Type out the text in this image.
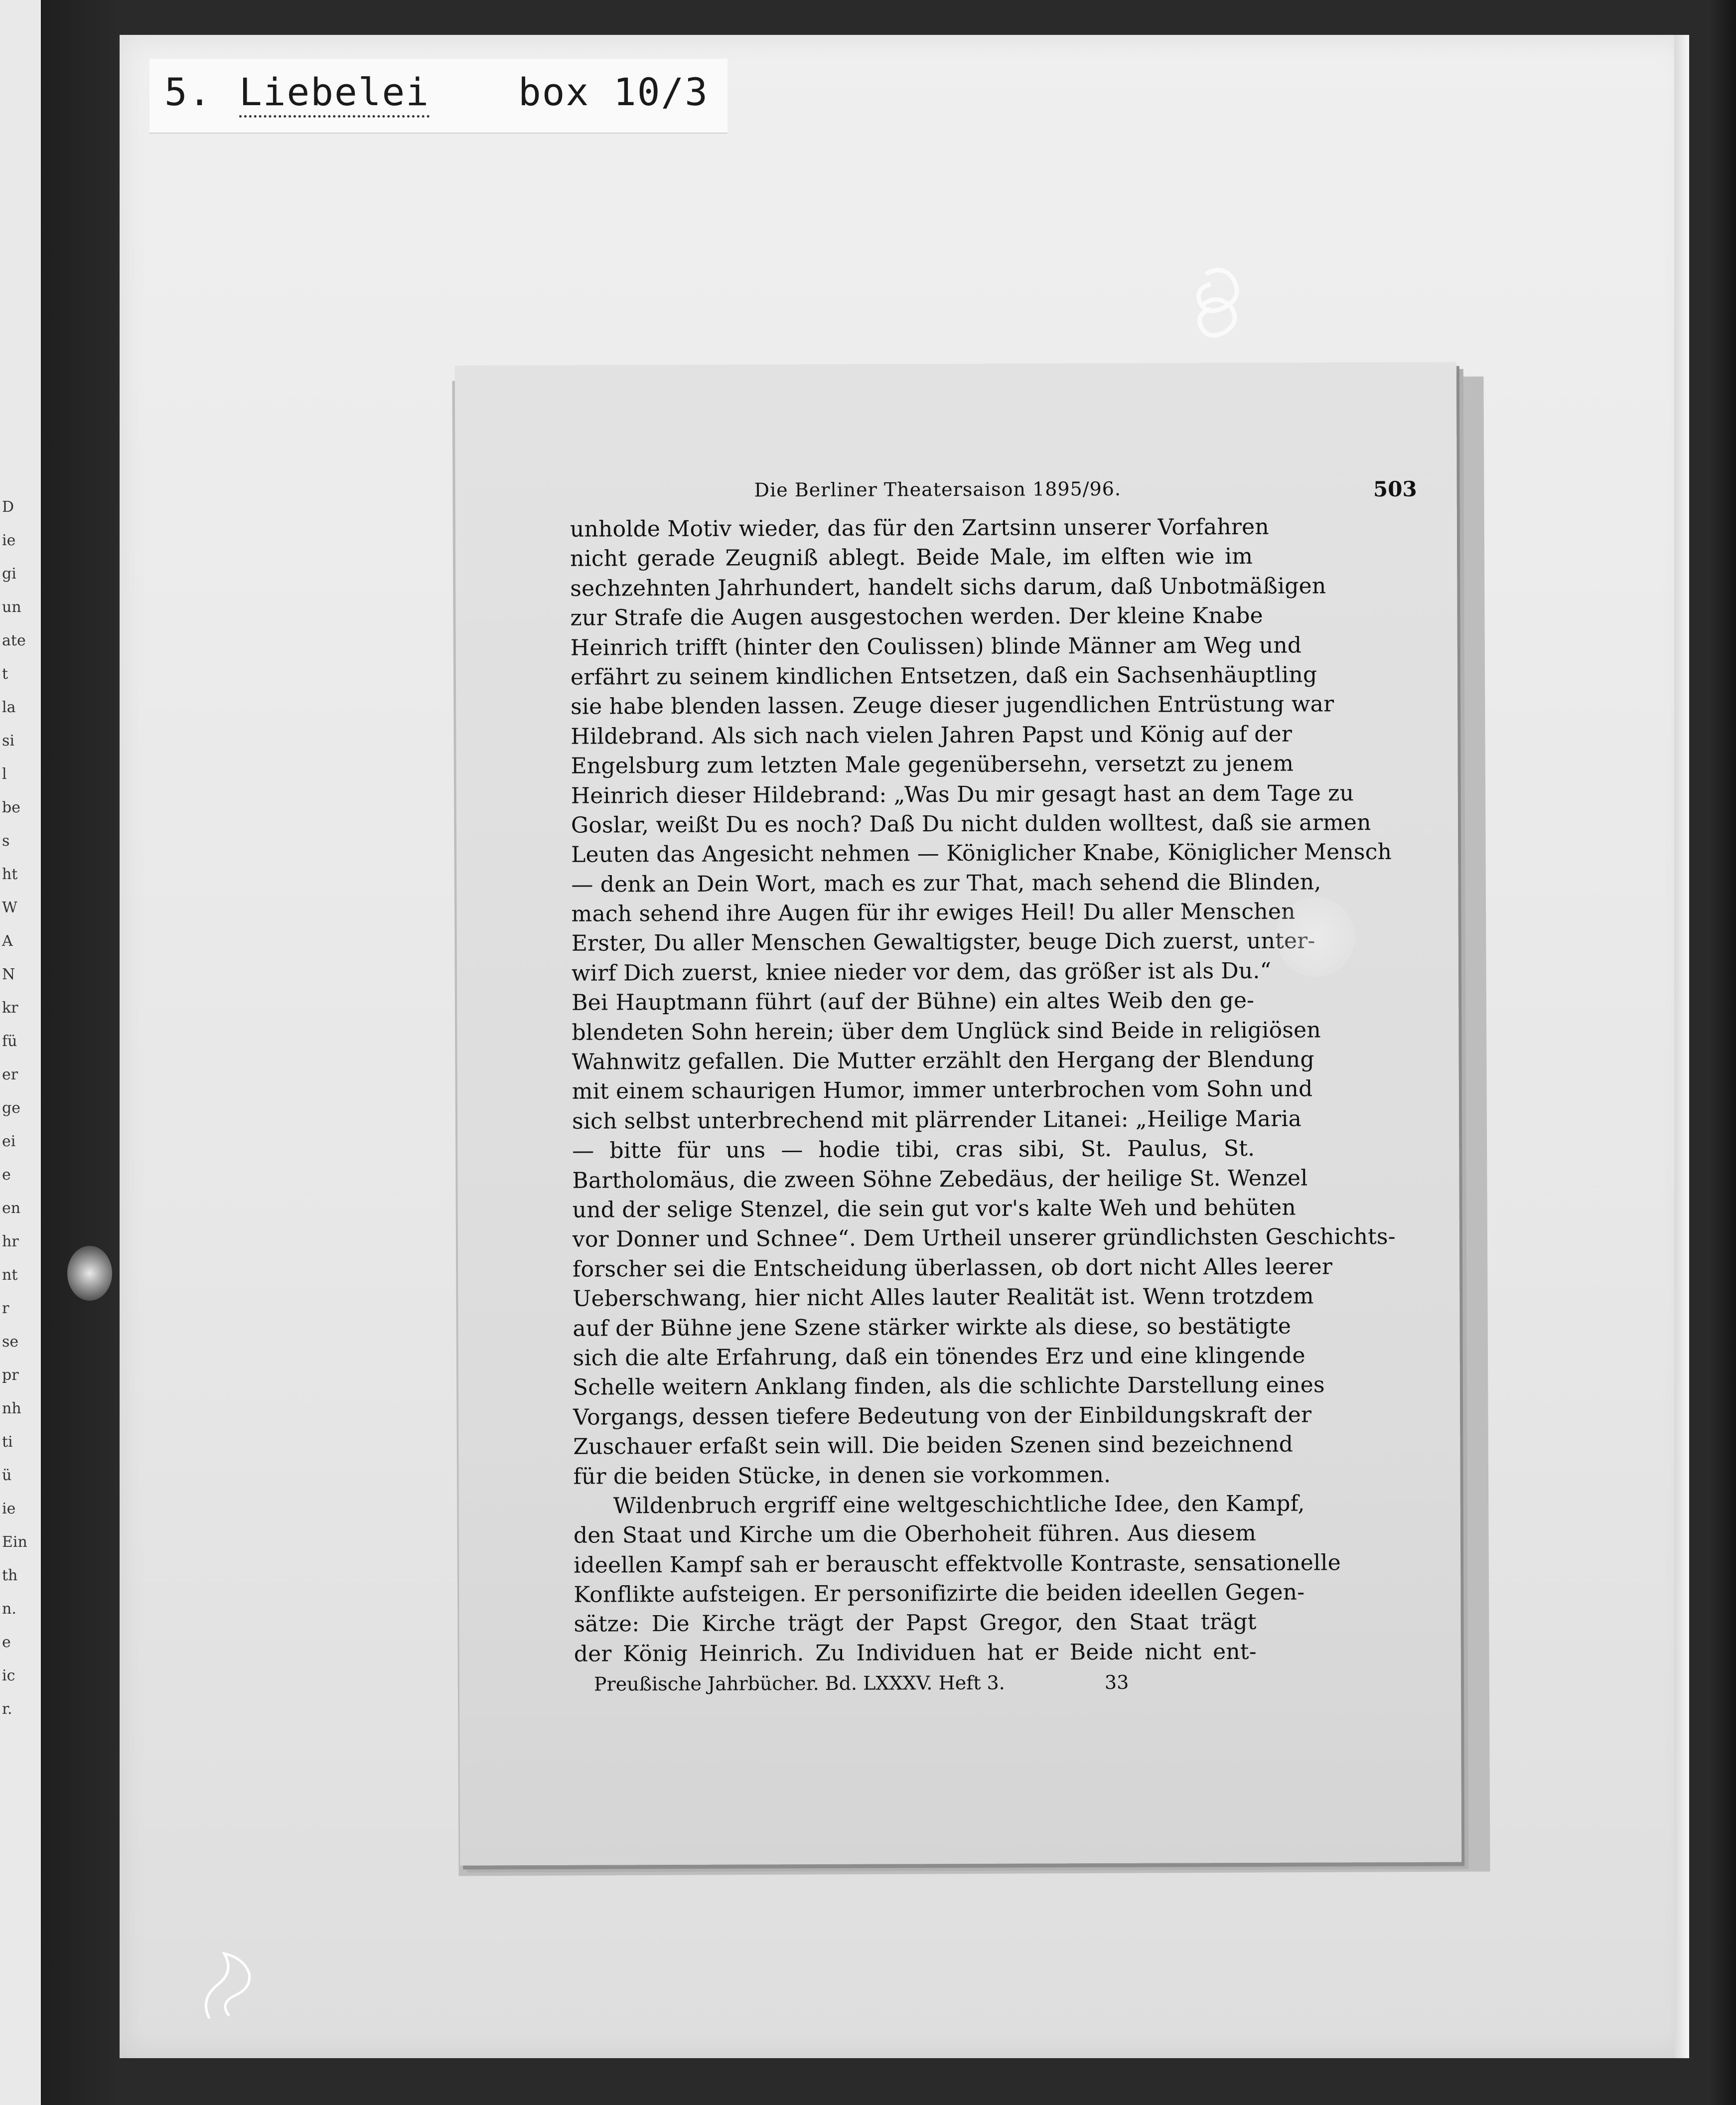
D
ie
gi
un
ate
t
la
si
l
be
s
ht
W
A
N
kr
fü
er
ge
ei
e
en
hr
nt
r
se
pr
nh
ti
ü
ie
Ein
th
n.
e
ic
r.
5. Liebelei box 10/3
Die Berliner Theatersaison 1895/96.	503
unholde Motiv wieder, das für den Zartsinn unserer Vorfahren
nicht gerade Zeugniß ablegt. Beide Male, im elften wie im
sechzehnten Jahrhundert, handelt sichs darum, daß Unbotmäßigen
zur Strafe die Augen ausgestochen werden. Der kleine Knabe
Heinrich trifft (hinter den Coulissen) blinde Männer am Weg und
erfährt zu seinem kindlichen Entsetzen, daß ein Sachsenhäuptling
sie habe blenden lassen. Zeuge dieser jugendlichen Entrüstung war
Hildebrand. Als sich nach vielen Jahren Papst und König auf der
Engelsburg zum letzten Male gegenübersehn, versetzt zu jenem
Heinrich dieser Hildebrand: „Was Du mir gesagt hast an dem Tage zu
Goslar, weißt Du es noch? Daß Du nicht dulden wolltest, daß sie armen
Leuten das Angesicht nehmen — Königlicher Knabe, Königlicher Mensch
— denk an Dein Wort, mach es zur That, mach sehend die Blinden,
mach sehend ihre Augen für ihr ewiges Heil! Du aller Menschen
Erster, Du aller Menschen Gewaltigster, beuge Dich zuerst, unter-
wirf Dich zuerst, kniee nieder vor dem, das größer ist als Du.“
Bei Hauptmann führt (auf der Bühne) ein altes Weib den ge-
blendeten Sohn herein; über dem Unglück sind Beide in religiösen
Wahnwitz gefallen. Die Mutter erzählt den Hergang der Blendung
mit einem schaurigen Humor, immer unterbrochen vom Sohn und
sich selbst unterbrechend mit plärrender Litanei: „Heilige Maria
— bitte für uns — hodie tibi, cras sibi, St. Paulus, St.
Bartholomäus, die zween Söhne Zebedäus, der heilige St. Wenzel
und der selige Stenzel, die sein gut vor's kalte Weh und behüten
vor Donner und Schnee“. Dem Urtheil unserer gründlichsten Geschichts-
forscher sei die Entscheidung überlassen, ob dort nicht Alles leerer
Ueberschwang, hier nicht Alles lauter Realität ist. Wenn trotzdem
auf der Bühne jene Szene stärker wirkte als diese, so bestätigte
sich die alte Erfahrung, daß ein tönendes Erz und eine klingende
Schelle weitern Anklang finden, als die schlichte Darstellung eines
Vorgangs, dessen tiefere Bedeutung von der Einbildungskraft der
Zuschauer erfaßt sein will. Die beiden Szenen sind bezeichnend
für die beiden Stücke, in denen sie vorkommen.
Wildenbruch ergriff eine weltgeschichtliche Idee, den Kampf,
den Staat und Kirche um die Oberhoheit führen. Aus diesem
ideellen Kampf sah er berauscht effektvolle Kontraste, sensationelle
Konflikte aufsteigen. Er personifizirte die beiden ideellen Gegen-
sätze: Die Kirche trägt der Papst Gregor, den Staat trägt
der König Heinrich. Zu Individuen hat er Beide nicht ent-
Preußische Jahrbücher. Bd. LXXXV. Heft 3.	33
